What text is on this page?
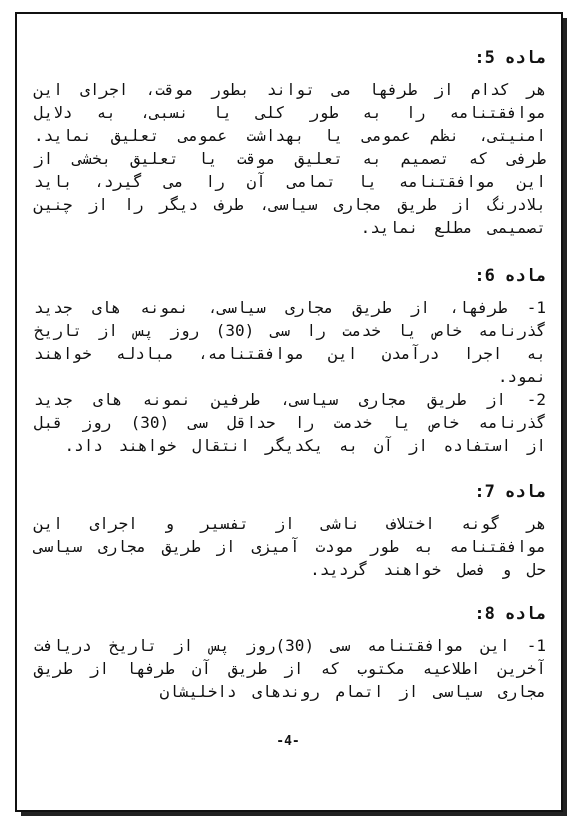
ماده 5:

هر کدام از طرفها می تواند بطور موقت، اجرای این موافقتنامه را به طور کلی یا نسبی، به دلایل امنیتی، نظم عمومی یا بهداشت عمومی تعلیق نماید. طرفی که تصمیم به تعلیق موقت یا تعلیق بخشی از این موافقتنامه یا تمامی آن را می گیرد، باید بلادرنگ از طریق مجاری سیاسی، طرف دیگر را از چنین تصمیمی مطلع نماید.

ماده 6:

1- طرفها، از طریق مجاری سیاسی، نمونه های جدید گذرنامه خاص یا خدمت را سی (30) روز پس از تاریخ به اجرا درآمدن این موافقتنامه، مبادله خواهند نمود.

2- از طریق مجاری سیاسی، طرفین نمونه های جدید گذرنامه خاص یا خدمت را حداقل سی (30) روز قبل از استفاده از آن به یکدیگر انتقال خواهند داد.

ماده 7:

هر گونه اختلاف ناشی از تفسیر و اجرای این موافقتنامه به طور مودت آمیزی از طریق مجاری سیاسی حل و فصل خواهند گردید.

ماده 8:

1- این موافقتنامه سی (30)روز پس از تاریخ دریافت آخرین اطلاعیه مکتوب که از طریق آن طرفها از طریق مجاری سیاسی از اتمام روندهای داخلیشان

-4-
